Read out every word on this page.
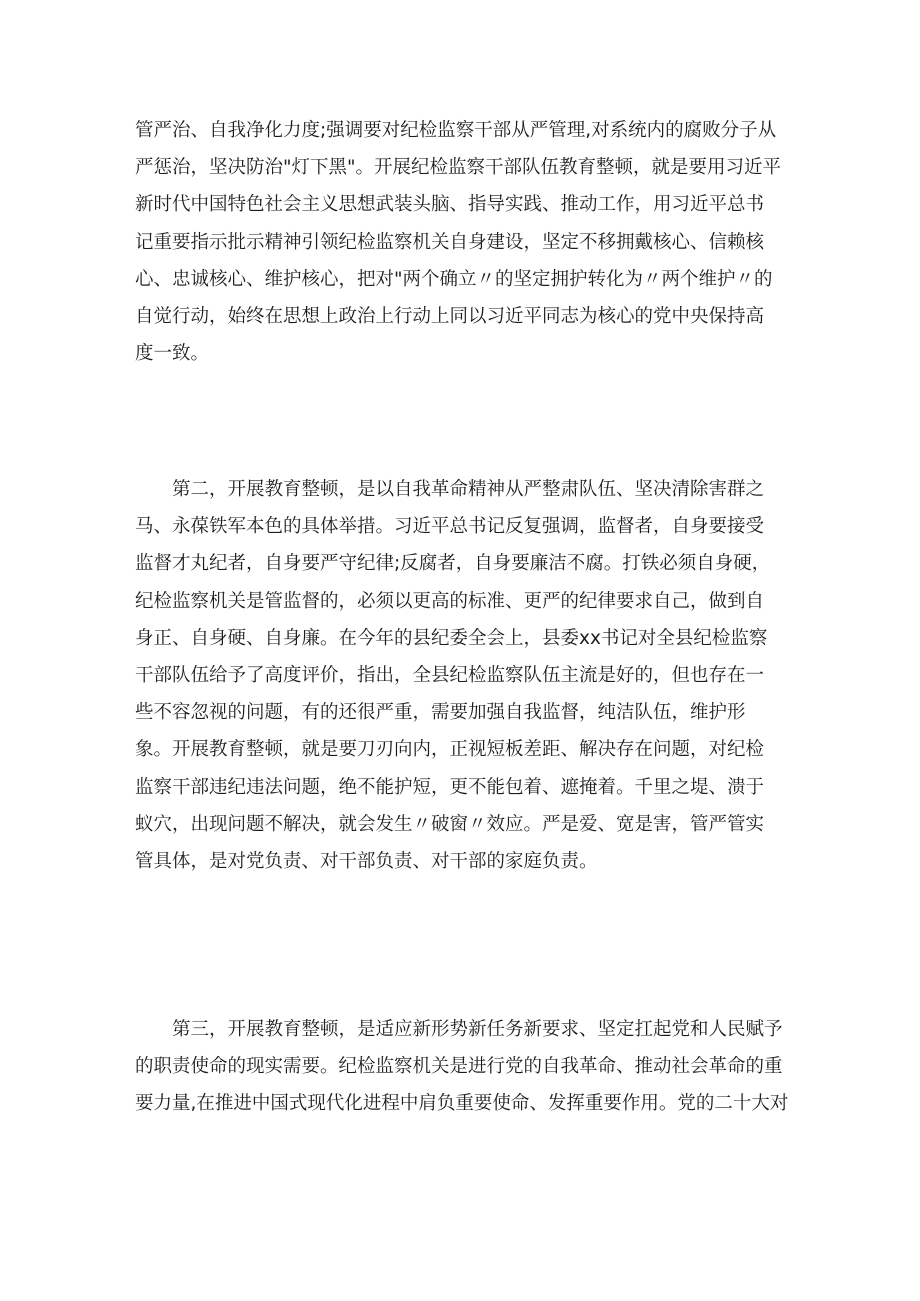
管严治、自我净化力度;强调要对纪检监察干部从严管理,对系统内的腐败分子从
严惩治，坚决防治"灯下黑"。开展纪检监察干部队伍教育整顿，就是要用习近平
新时代中国特色社会主义思想武装头脑、指导实践、推动工作，用习近平总书
记重要指示批示精神引领纪检监察机关自身建设，坚定不移拥戴核心、信赖核
心、忠诚核心、维护核心，把对"两个确立〃的坚定拥护转化为〃两个维护〃的
自觉行动，始终在思想上政治上行动上同以习近平同志为核心的党中央保持高
度一致。

第二，开展教育整顿，是以自我革命精神从严整肃队伍、坚决清除害群之
马、永葆铁军本色的具体举措。习近平总书记反复强调，监督者，自身要接受
监督才丸纪者，自身要严守纪律;反腐者，自身要廉洁不腐。打铁必须自身硬，
纪检监察机关是管监督的，必须以更高的标准、更严的纪律要求自己，做到自
身正、自身硬、自身廉。在今年的县纪委全会上，县委xx书记对全县纪检监察
干部队伍给予了高度评价，指出，全县纪检监察队伍主流是好的，但也存在一
些不容忽视的问题，有的还很严重，需要加强自我监督，纯洁队伍，维护形
象。开展教育整顿，就是要刀刃向内，正视短板差距、解决存在问题，对纪检
监察干部违纪违法问题，绝不能护短，更不能包着、遮掩着。千里之堤、溃于
蚁穴，出现问题不解决，就会发生〃破窗〃效应。严是爱、宽是害，管严管实
管具体，是对党负责、对干部负责、对干部的家庭负责。

第三，开展教育整顿，是适应新形势新任务新要求、坚定扛起党和人民赋予
的职责使命的现实需要。纪检监察机关是进行党的自我革命、推动社会革命的重
要力量,在推进中国式现代化进程中肩负重要使命、发挥重要作用。党的二十大对
